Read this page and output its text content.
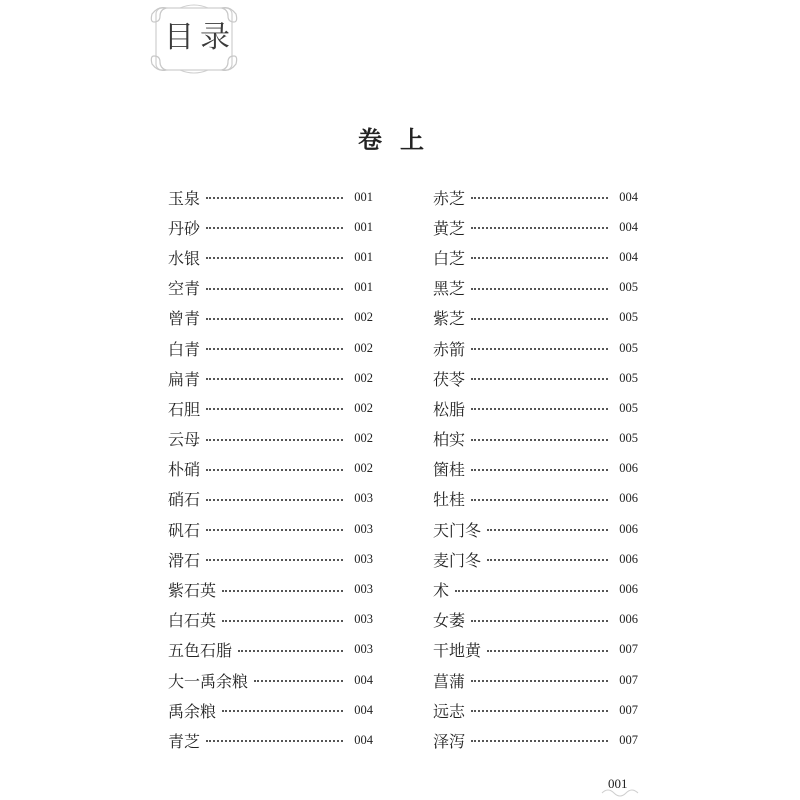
目录
卷上
玉泉	001
丹砂	001
水银	001
空青	001
曾青	002
白青	002
扁青	002
石胆	002
云母	002
朴硝	002
硝石	003
矾石	003
滑石	003
紫石英	003
白石英	003
五色石脂	003
大一禹余粮	004
禹余粮	004
青芝	004
赤芝	004
黄芝	004
白芝	004
黑芝	005
紫芝	005
赤箭	005
茯苓	005
松脂	005
柏实	005
箘桂	006
牡桂	006
天门冬	006
麦门冬	006
术	006
女萎	006
干地黄	007
菖蒲	007
远志	007
泽泻	007
001
